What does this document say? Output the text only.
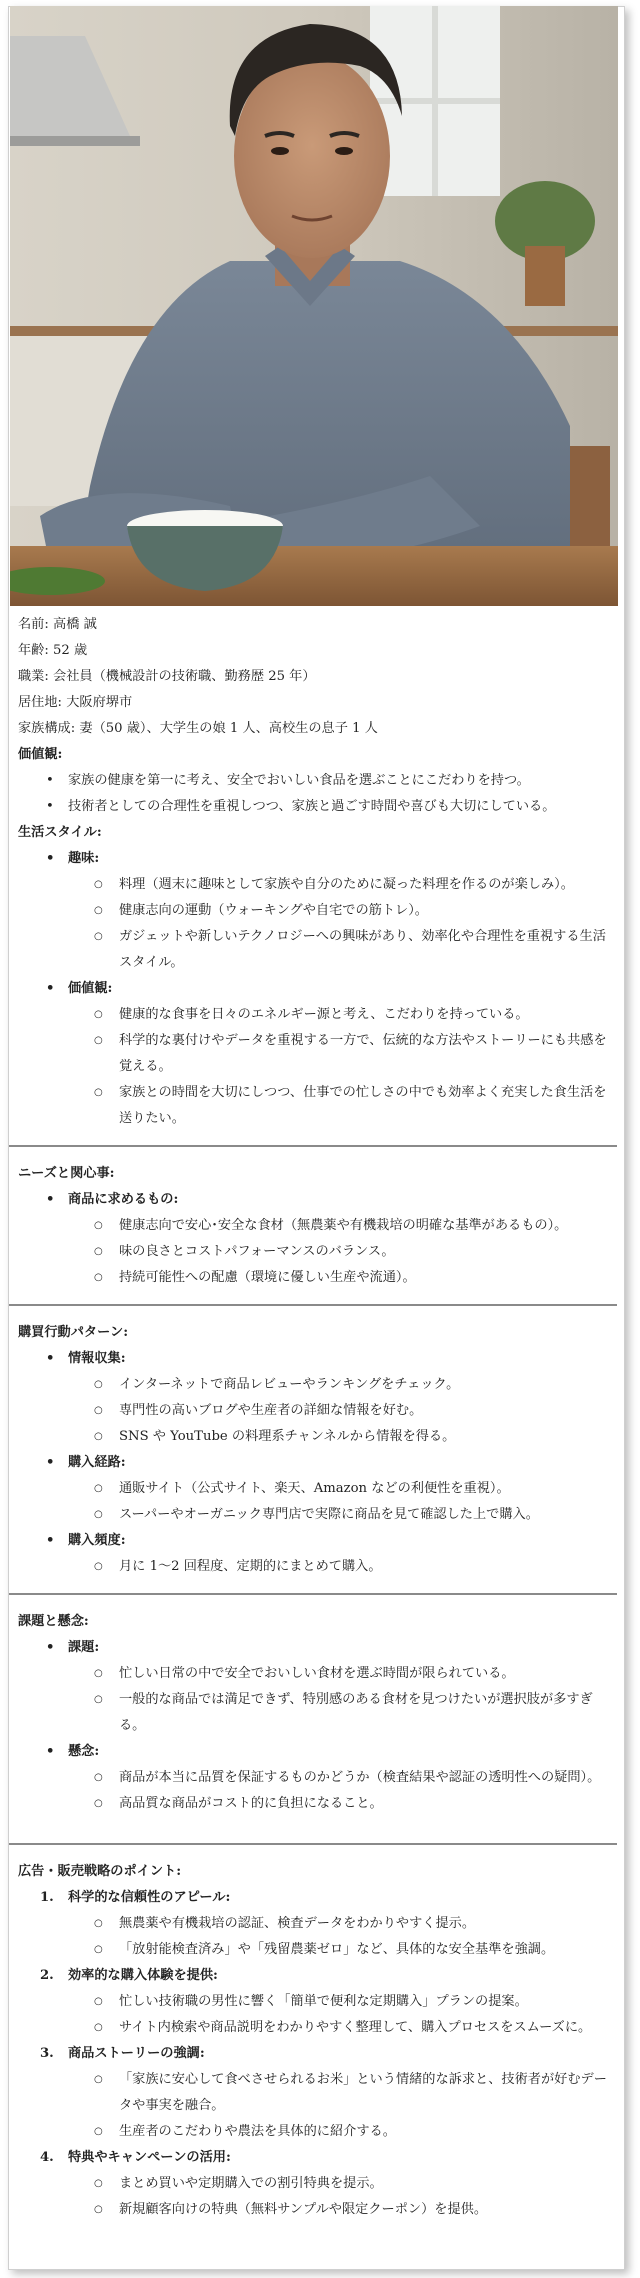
名前: 高橋 誠
年齢: 52 歳
職業: 会社員（機械設計の技術職、勤務歴 25 年）
居住地: 大阪府堺市
家族構成: 妻（50 歳）、大学生の娘 1 人、高校生の息子 1 人
価値観:
• 家族の健康を第一に考え、安全でおいしい食品を選ぶことにこだわりを持つ。
• 技術者としての合理性を重視しつつ、家族と過ごす時間や喜びも大切にしている。
生活スタイル:
• 趣味:
○ 料理（週末に趣味として家族や自分のために凝った料理を作るのが楽しみ）。
○ 健康志向の運動（ウォーキングや自宅での筋トレ）。
○ ガジェットや新しいテクノロジーへの興味があり、効率化や合理性を重視する生活スタイル。
• 価値観:
○ 健康的な食事を日々のエネルギー源と考え、こだわりを持っている。
○ 科学的な裏付けやデータを重視する一方で、伝統的な方法やストーリーにも共感を覚える。
○ 家族との時間を大切にしつつ、仕事での忙しさの中でも効率よく充実した食生活を送りたい。
ニーズと関心事:
• 商品に求めるもの:
○ 健康志向で安心･安全な食材（無農薬や有機栽培の明確な基準があるもの）。
○ 味の良さとコストパフォーマンスのバランス。
○ 持続可能性への配慮（環境に優しい生産や流通）。
購買行動パターン:
• 情報収集:
○ インターネットで商品レビューやランキングをチェック。
○ 専門性の高いブログや生産者の詳細な情報を好む。
○ SNS や YouTube の料理系チャンネルから情報を得る。
• 購入経路:
○ 通販サイト（公式サイト、楽天、Amazon などの利便性を重視）。
○ スーパーやオーガニック専門店で実際に商品を見て確認した上で購入。
• 購入頻度:
○ 月に 1～2 回程度、定期的にまとめて購入。
課題と懸念:
• 課題:
○ 忙しい日常の中で安全でおいしい食材を選ぶ時間が限られている。
○ 一般的な商品では満足できず、特別感のある食材を見つけたいが選択肢が多すぎる。
• 懸念:
○ 商品が本当に品質を保証するものかどうか（検査結果や認証の透明性への疑問）。
○ 高品質な商品がコスト的に負担になること。
広告・販売戦略のポイント:
1. 科学的な信頼性のアピール:
○ 無農薬や有機栽培の認証、検査データをわかりやすく提示。
○ 「放射能検査済み」や「残留農薬ゼロ」など、具体的な安全基準を強調。
2. 効率的な購入体験を提供:
○ 忙しい技術職の男性に響く「簡単で便利な定期購入」プランの提案。
○ サイト内検索や商品説明をわかりやすく整理して、購入プロセスをスムーズに。
3. 商品ストーリーの強調:
○ 「家族に安心して食べさせられるお米」という情緒的な訴求と、技術者が好むデータや事実を融合。
○ 生産者のこだわりや農法を具体的に紹介する。
4. 特典やキャンペーンの活用:
○ まとめ買いや定期購入での割引特典を提示。
○ 新規顧客向けの特典（無料サンプルや限定クーポン）を提供。
